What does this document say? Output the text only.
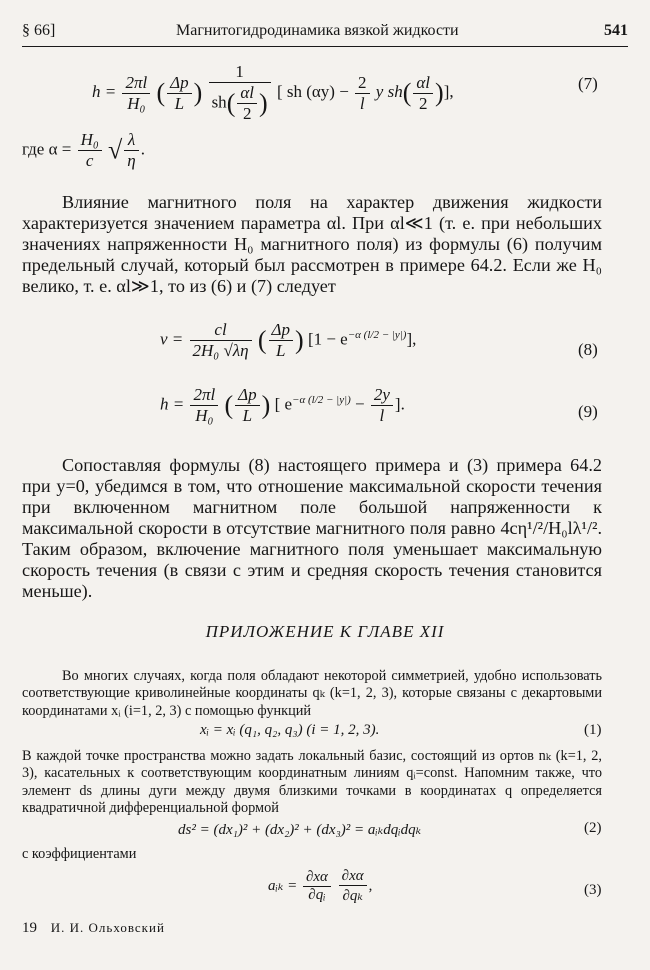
§ 66]	Магнитогидродинамика вязкой жидкости	541
$h = \frac{2\pi l}{\text{H₀}}$ ( $\frac{\Delta p}{L}$ ) $\frac{1}{sh( \frac{\alpha l}{2} )}$ [ sh $(\alpha y) - \frac{2}{l}$ y $sh( \frac{\alpha l}{2}$ )],	(7)
где $\alpha = \frac{\text{H₀}}{c}$ √ $\frac{\lambda}{\eta}$ .

Влияние магнитного поля на характер движения жидкости характеризуется значением параметра αl. При αl≪1 (т. е. при небольших значениях напряженности H₀ магнитного поля) из формулы (6) получим предельный случай, который был рассмотрен в примере 64.2. Если же H₀ велико, т. е. αl≫1, то из (6) и (7) следует

$v = \frac{cl}{\text{2H₀ √λη}}$ ( $\frac{\Delta p}{L}$ ) $[1 - e^{-\alpha (l/2 - |y|)}]$,
(8)
$h = \frac{2\pi l}{\text{H₀}}$ ( $\frac{\Delta p}{L}$ ) [ $e^{-\alpha (l/2 - |y|)} - \frac{2y}{l}$ ].	(9)

Сопоставляя формулы (8) настоящего примера и (3) примера 64.2 при y=0, убедимся в том, что отношение максимальной скорости течения при включенном магнитном поле большой напряженности к максимальной скорости в отсутствие магнитного поля равно 4cη¹/²/H₀lλ¹/². Таким образом, включение магнитного поля уменьшает максимальную скорость течения (в связи с этим и средняя скорость течения становится меньше).

ПРИЛОЖЕНИЕ К ГЛАВЕ XII

Во многих случаях, когда поля обладают некоторой симметрией, удобно использовать соответствующие криволинейные координаты qₖ (k=1, 2, 3), которые связаны с декартовыми координатами xᵢ (i=1, 2, 3) с помощью функций

xᵢ = xᵢ (q₁, q₂, q₃) (i = 1, 2, 3).	(1)

В каждой точке пространства можно задать локальный базис, состоящий из ортов nₖ (k=1, 2, 3), касательных к соответствующим координатным линиям qᵢ=const. Напомним также, что элемент ds длины дуги между двумя близкими точками в координатах q определяется квадратичной дифференциальной формой

ds² = (dx₁)² + (dx₂)² + (dx₃)² = aᵢₖdqᵢdqₖ	(2)

с коэффициентами

aᵢₖ = $\frac{\partial x\alpha}{\text{∂qᵢ}}$
$\frac{\partial x\alpha}{\text{∂qₖ}}$ ,	(3)
19 И. И. Ольховский
